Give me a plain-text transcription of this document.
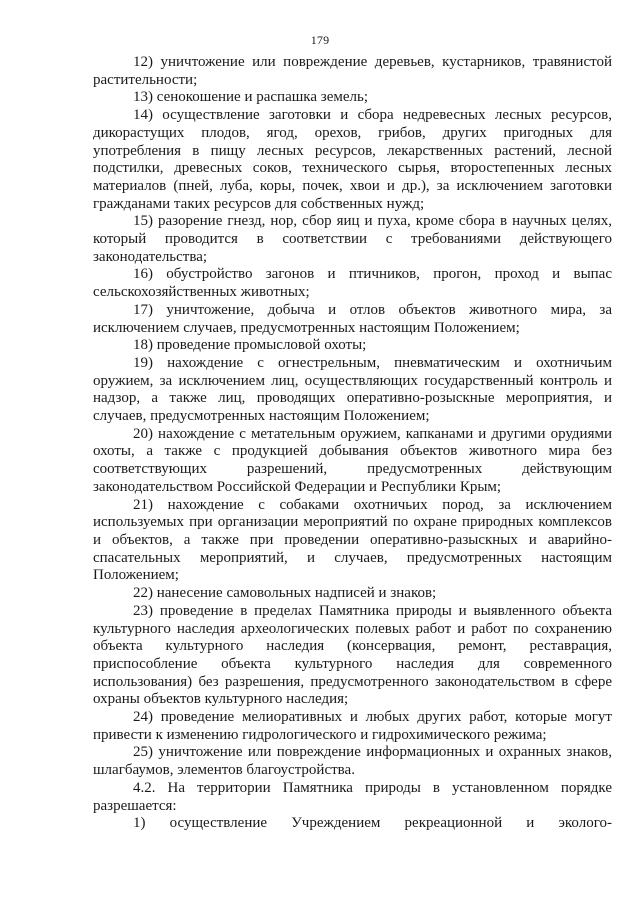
179

12) уничтожение или повреждение деревьев, кустарников, травянистой растительности;

13) сенокошение и распашка земель;

14) осуществление заготовки и сбора недревесных лесных ресурсов, дикорастущих плодов, ягод, орехов, грибов, других пригодных для употребления в пищу лесных ресурсов, лекарственных растений, лесной подстилки, древесных соков, технического сырья, второстепенных лесных материалов (пней, луба, коры, почек, хвои и др.), за исключением заготовки гражданами таких ресурсов для собственных нужд;

15) разорение гнезд, нор, сбор яиц и пуха, кроме сбора в научных целях, который проводится в соответствии с требованиями действующего законодательства;

16) обустройство загонов и птичников, прогон, проход и выпас сельскохозяйственных животных;

17) уничтожение, добыча и отлов объектов животного мира, за исключением случаев, предусмотренных настоящим Положением;

18) проведение промысловой охоты;

19) нахождение с огнестрельным, пневматическим и охотничьим оружием, за исключением лиц, осуществляющих государственный контроль и надзор, а также лиц, проводящих оперативно-розыскные мероприятия, и случаев, предусмотренных настоящим Положением;

20) нахождение с метательным оружием, капканами и другими орудиями охоты, а также с продукцией добывания объектов животного мира без соответствующих разрешений, предусмотренных действующим законодательством Российской Федерации и Республики Крым;

21) нахождение с собаками охотничьих пород, за исключением используемых при организации мероприятий по охране природных комплексов и объектов, а также при проведении оперативно-разыскных и аварийно-спасательных мероприятий, и случаев, предусмотренных настоящим Положением;

22) нанесение самовольных надписей и знаков;

23) проведение в пределах Памятника природы и выявленного объекта культурного наследия археологических полевых работ и работ по сохранению объекта культурного наследия (консервация, ремонт, реставрация, приспособление объекта культурного наследия для современного использования) без разрешения, предусмотренного законодательством в сфере охраны объектов культурного наследия;

24) проведение мелиоративных и любых других работ, которые могут привести к изменению гидрологического и гидрохимического режима;

25) уничтожение или повреждение информационных и охранных знаков, шлагбаумов, элементов благоустройства.

4.2. На территории Памятника природы в установленном порядке разрешается:

1) осуществление Учреждением рекреационной и эколого-
